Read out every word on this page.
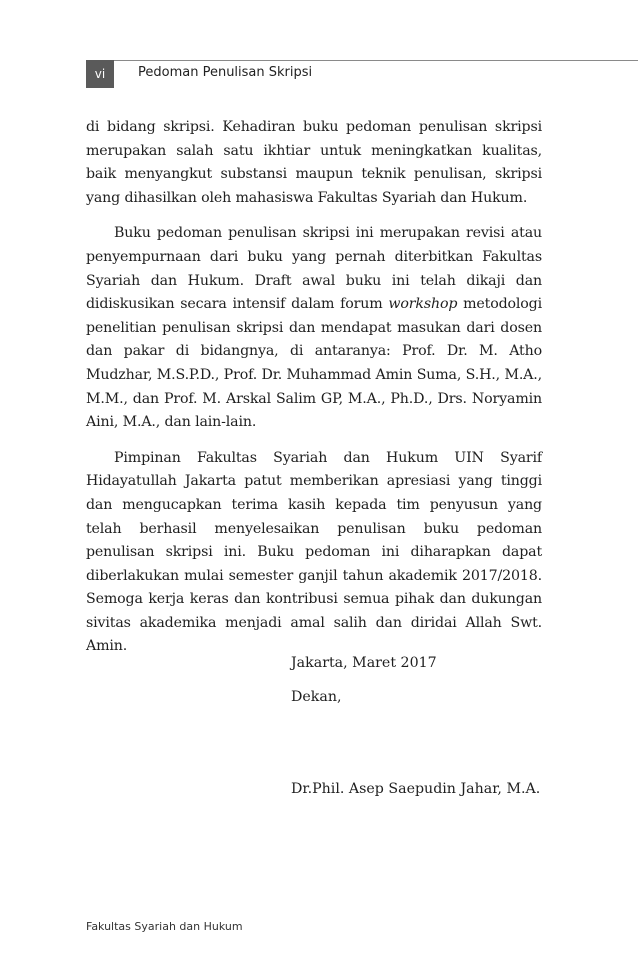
vi	Pedoman Penulisan Skripsi

di bidang skripsi. Kehadiran buku pedoman penulisan skripsi merupakan salah satu ikhtiar untuk meningkatkan kualitas, baik menyangkut substansi maupun teknik penulisan, skripsi yang dihasilkan oleh mahasiswa Fakultas Syariah dan Hukum.

Buku pedoman penulisan skripsi ini merupakan revisi atau penyempurnaan dari buku yang pernah diterbitkan Fakultas Syariah dan Hukum. Draft awal buku ini telah dikaji dan didiskusikan secara intensif dalam forum workshop metodologi penelitian penulisan skripsi dan mendapat masukan dari dosen dan pakar di bidangnya, di antaranya: Prof. Dr. M. Atho Mudzhar, M.S.P.D., Prof. Dr. Muhammad Amin Suma, S.H., M.A., M.M., dan Prof. M. Arskal Salim GP, M.A., Ph.D., Drs. Noryamin Aini, M.A., dan lain-lain.

Pimpinan Fakultas Syariah dan Hukum UIN Syarif Hidayatullah Jakarta patut memberikan apresiasi yang tinggi dan mengucapkan terima kasih kepada tim penyusun yang telah berhasil menyelesaikan penulisan buku pedoman penulisan skripsi ini. Buku pedoman ini diharapkan dapat diberlakukan mulai semester ganjil tahun akademik 2017/2018. Semoga kerja keras dan kontribusi semua pihak dan dukungan sivitas akademika menjadi amal salih dan diridai Allah Swt. Amin.

Jakarta, Maret 2017
Dekan,
Dr.Phil. Asep Saepudin Jahar, M.A.
Fakultas Syariah dan Hukum
